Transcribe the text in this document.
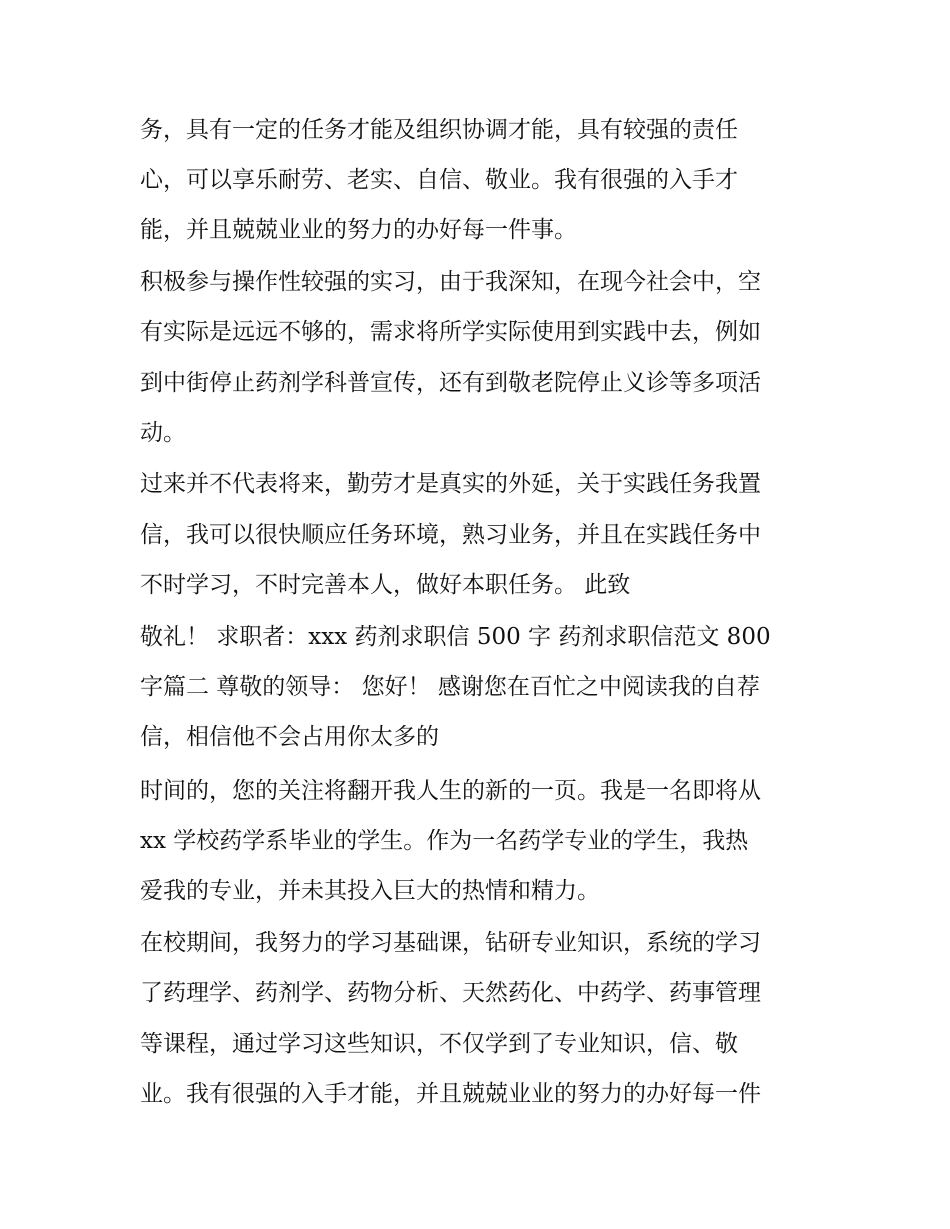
务，具有一定的任务才能及组织协调才能，具有较强的责任
心，可以享乐耐劳、老实、自信、敬业。我有很强的入手才
能，并且兢兢业业的努力的办好每一件事。
积极参与操作性较强的实习，由于我深知，在现今社会中，空
有实际是远远不够的，需求将所学实际使用到实践中去，例如
到中街停止药剂学科普宣传，还有到敬老院停止义诊等多项活
动。
过来并不代表将来，勤劳才是真实的外延，关于实践任务我置
信，我可以很快顺应任务环境，熟习业务，并且在实践任务中
不时学习，不时完善本人，做好本职任务。 此致
敬礼！ 求职者：xxx 药剂求职信 500 字 药剂求职信范文 800
字篇二 尊敬的领导： 您好！ 感谢您在百忙之中阅读我的自荐
信，相信他不会占用你太多的
时间的，您的关注将翻开我人生的新的一页。我是一名即将从
xx 学校药学系毕业的学生。作为一名药学专业的学生，我热
爱我的专业，并未其投入巨大的热情和精力。
在校期间，我努力的学习基础课，钻研专业知识，系统的学习
了药理学、药剂学、药物分析、天然药化、中药学、药事管理
等课程，通过学习这些知识，不仅学到了专业知识，信、敬
业。我有很强的入手才能，并且兢兢业业的努力的办好每一件
